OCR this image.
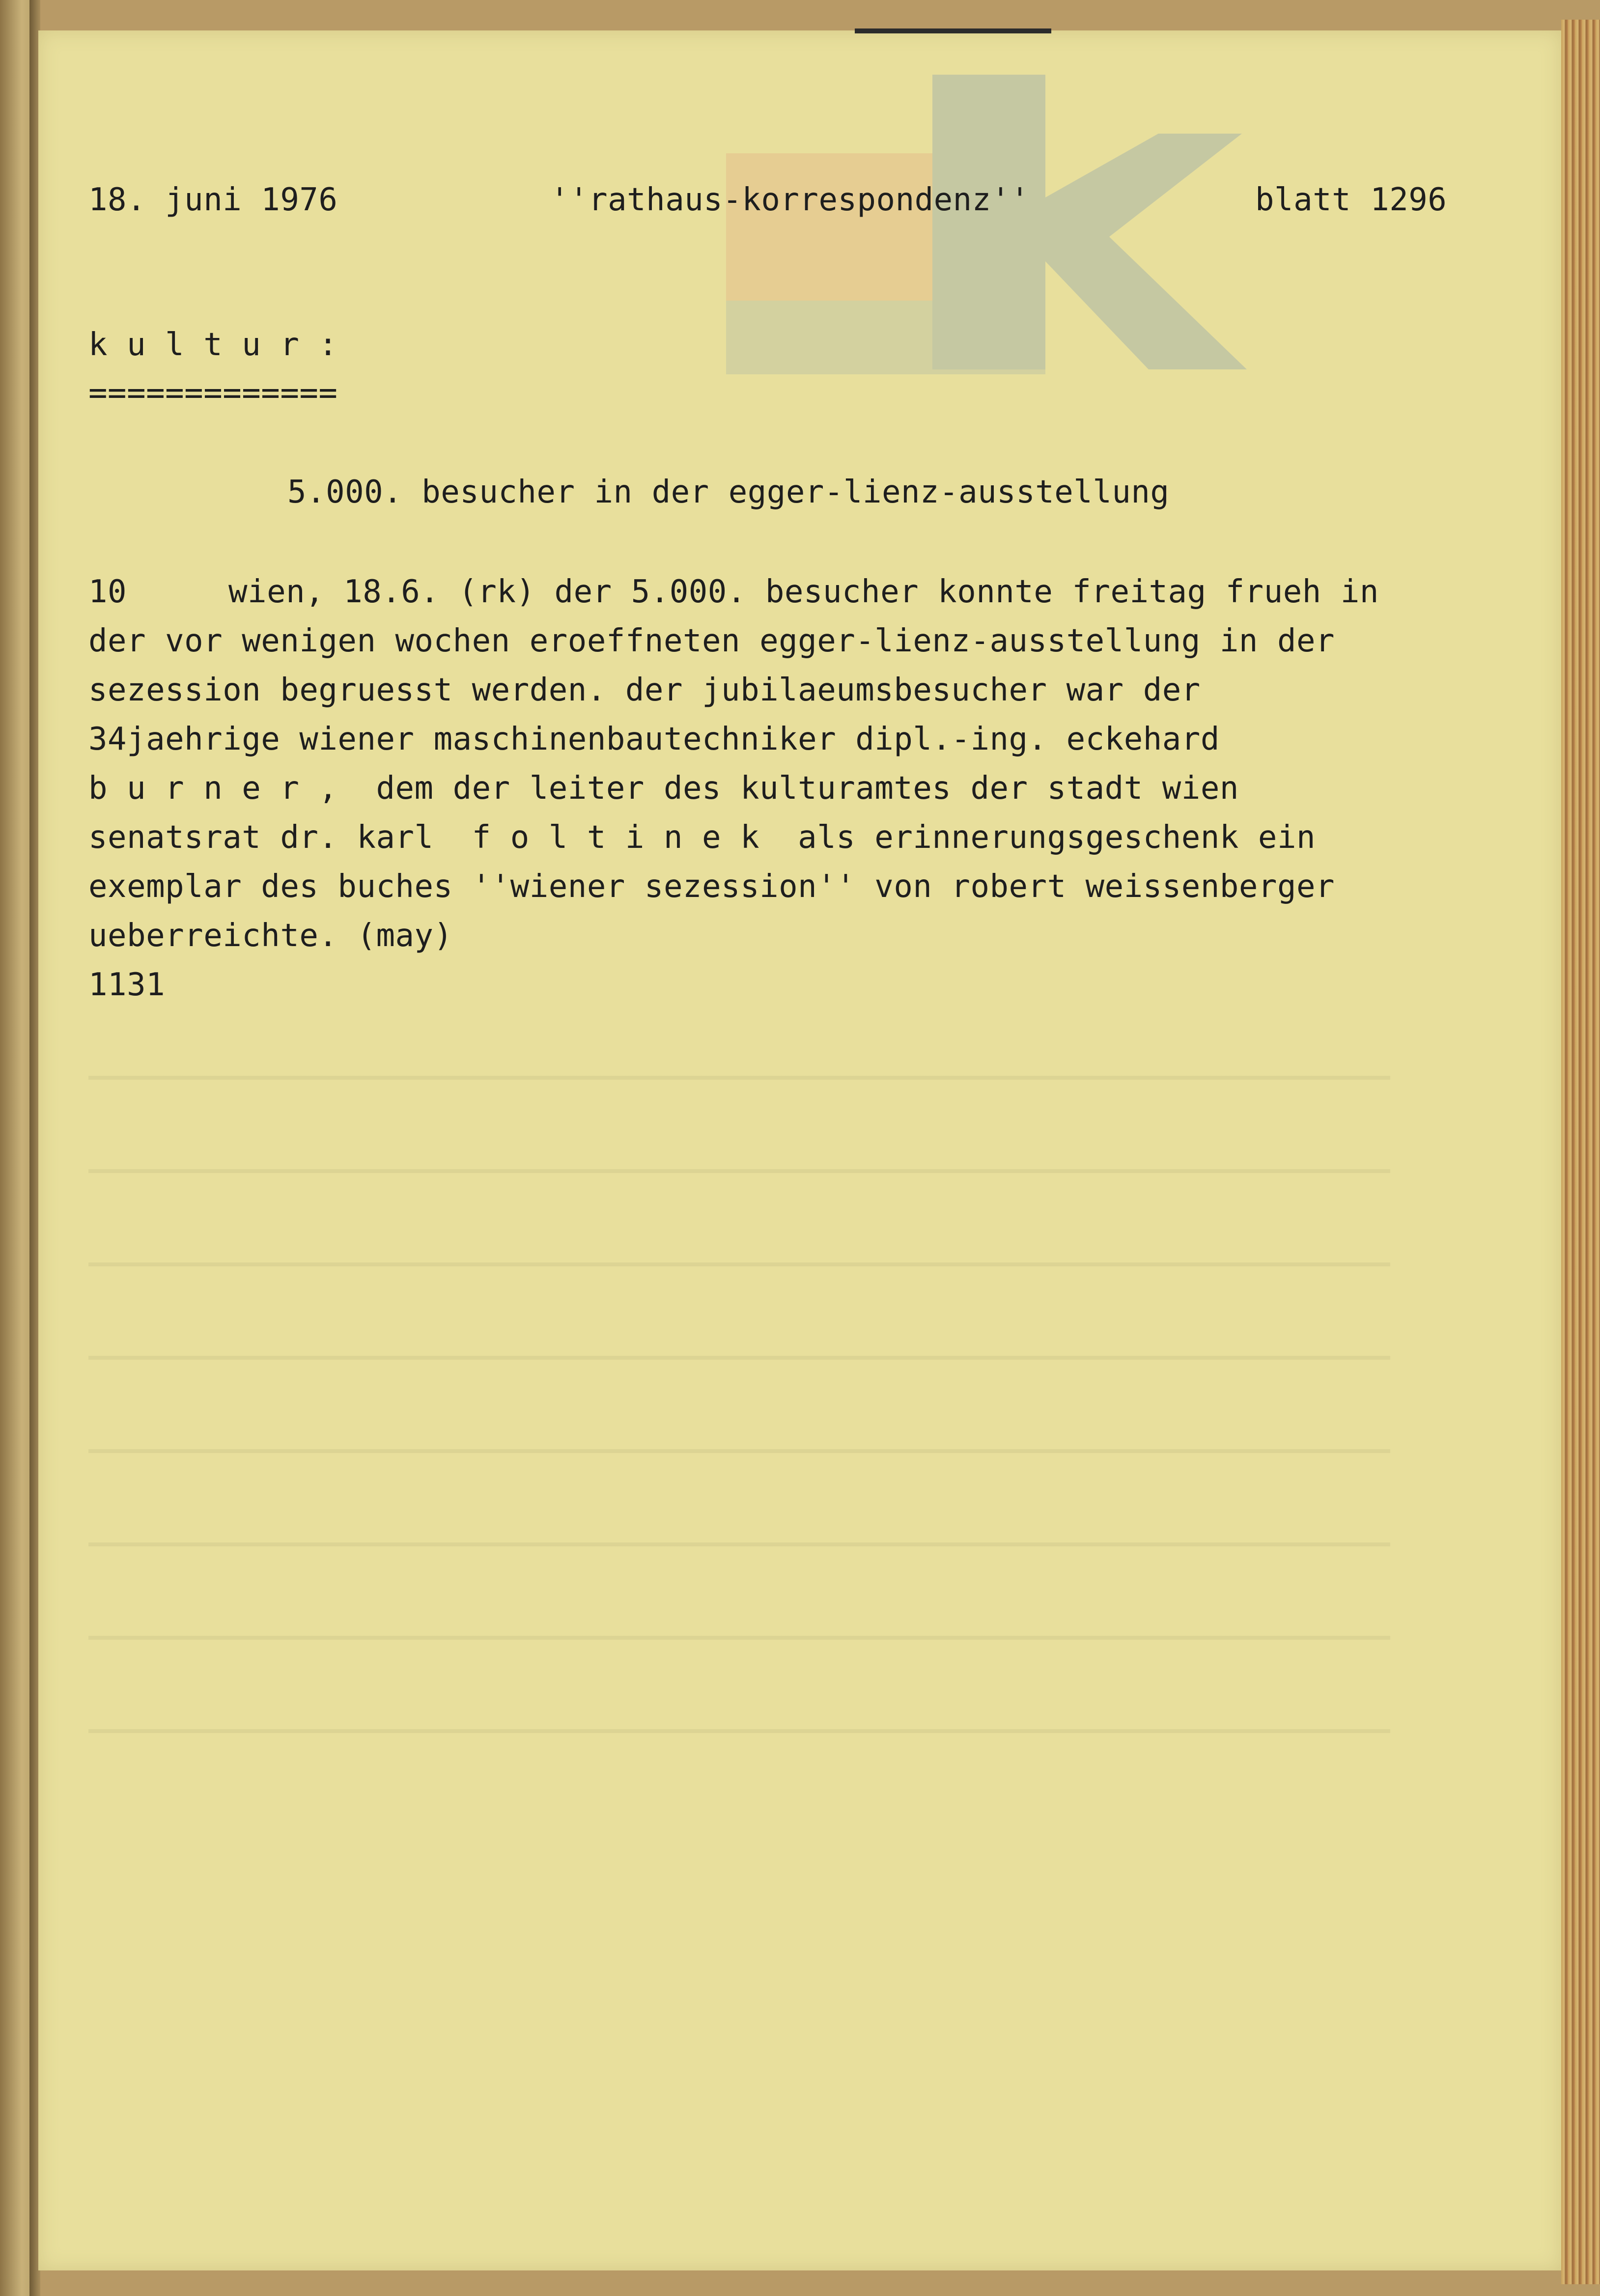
18. juni 1976	''rathaus-korrespondenz''	blatt 1296
k u l t u r :
=============
5.000. besucher in der egger-lienz-ausstellung
10	wien, 18.6. (rk) der 5.000. besucher konnte freitag frueh in
der vor wenigen wochen eroeffneten egger-lienz-ausstellung in der
sezession begruesst werden. der jubilaeumsbesucher war der
34jaehrige wiener maschinenbautechniker dipl.-ing. eckehard
b u r n e r ,  dem der leiter des kulturamtes der stadt wien
senatsrat dr. karl  f o l t i n e k  als erinnerungsgeschenk ein
exemplar des buches ''wiener sezession'' von robert weissenberger
ueberreichte. (may)
1131
